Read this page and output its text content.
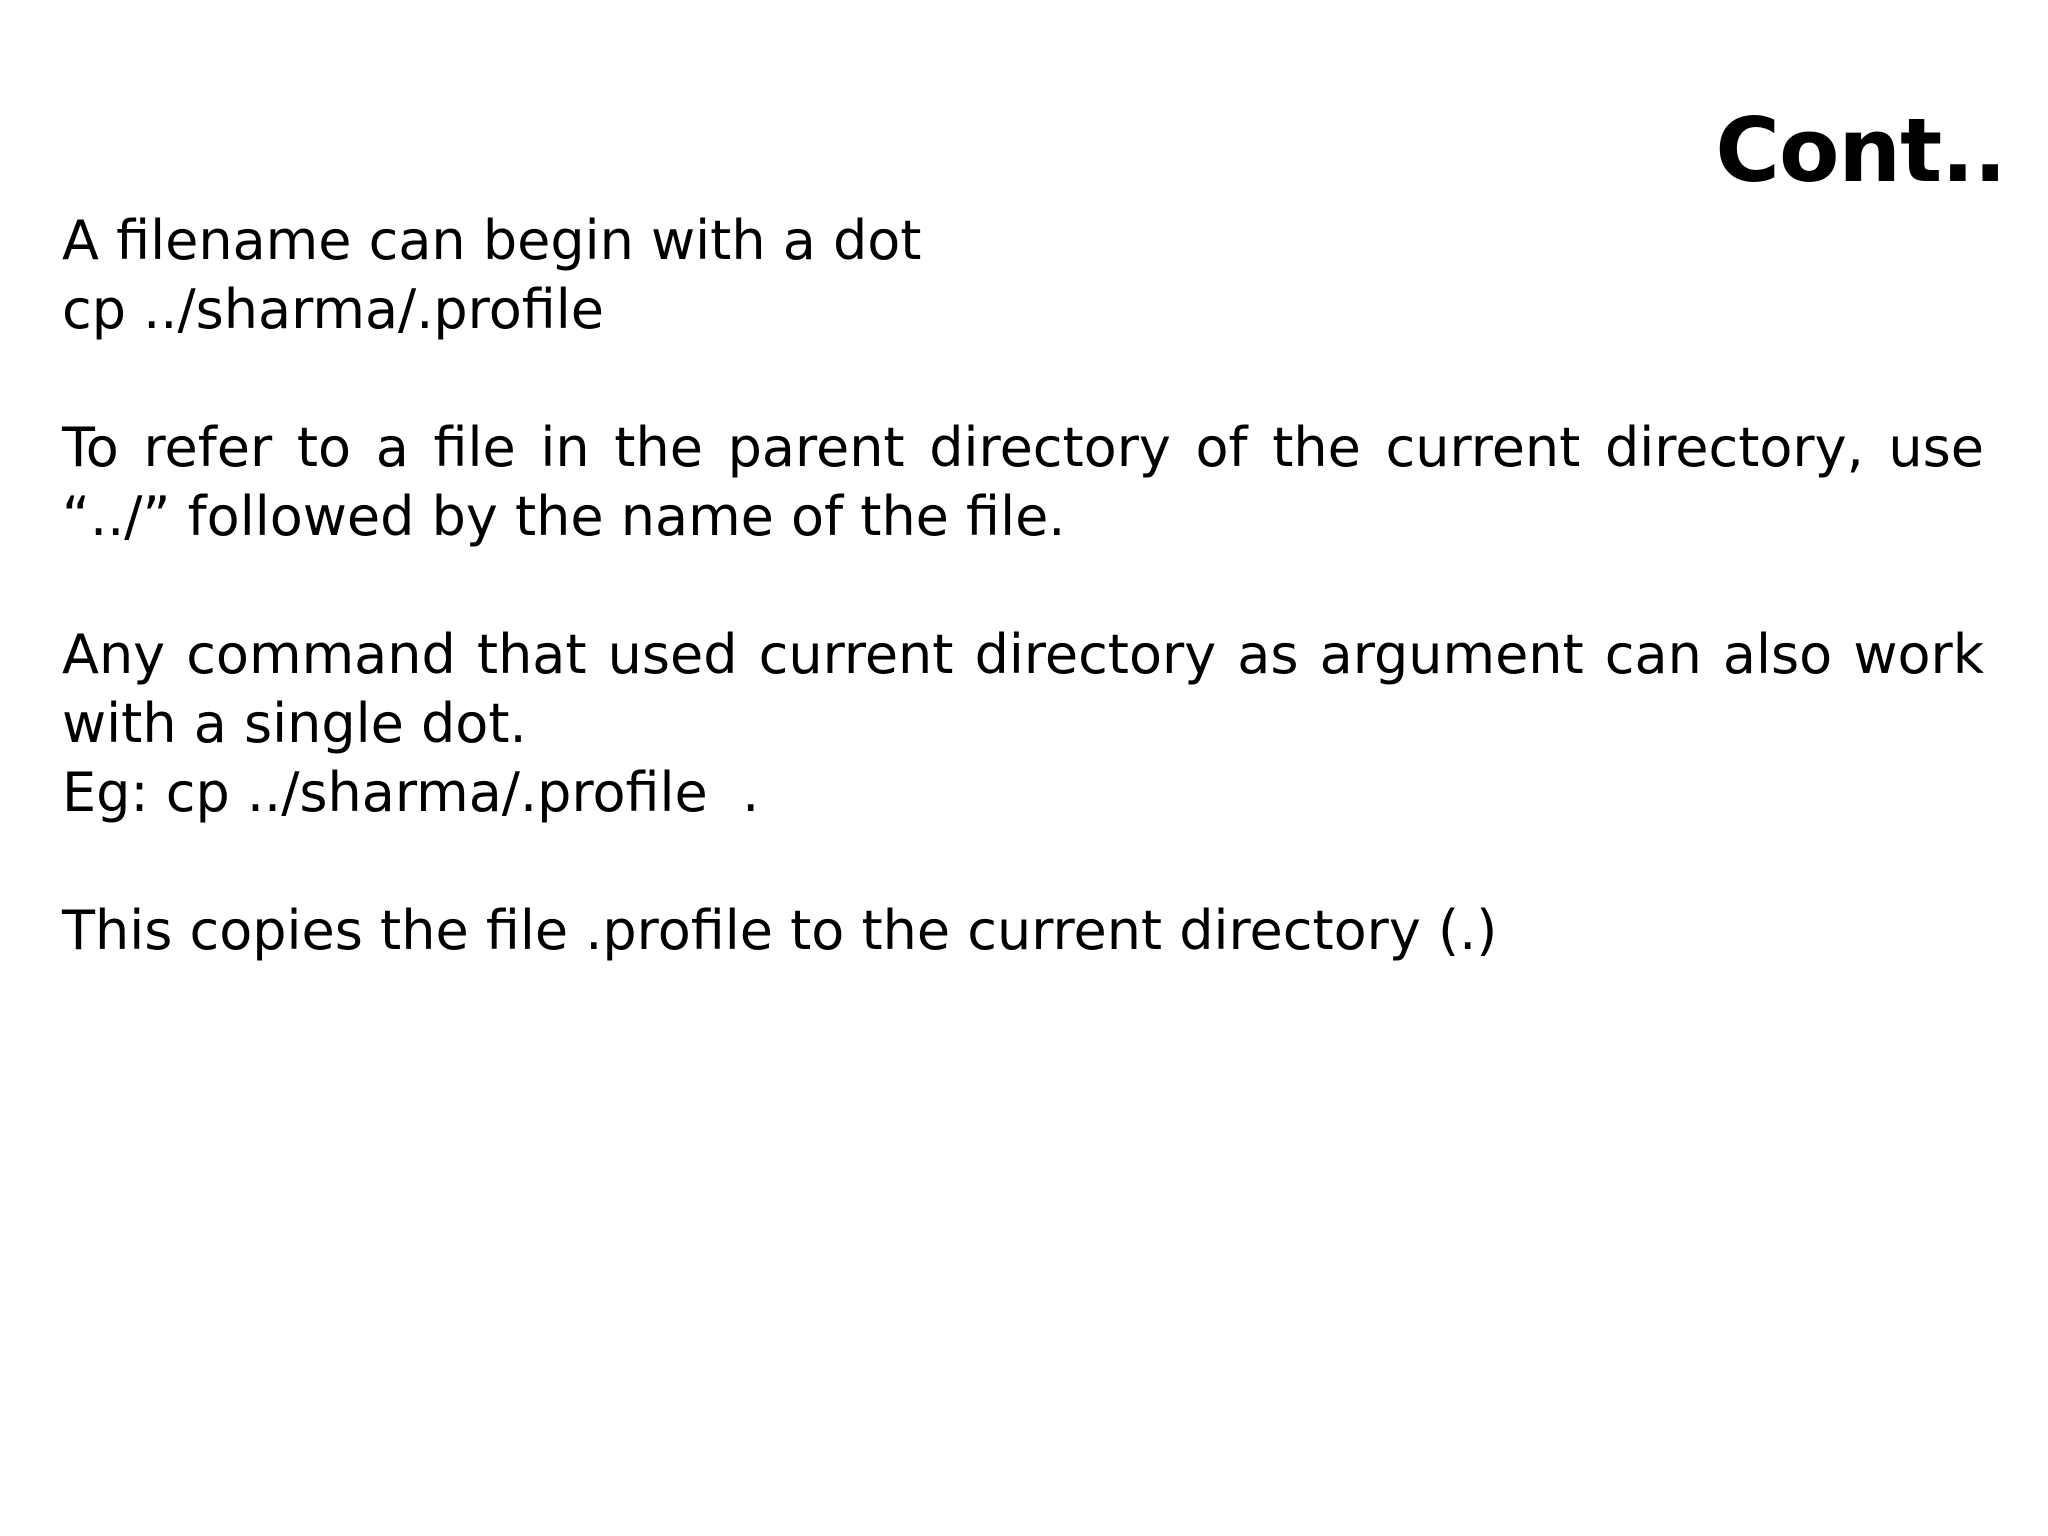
Cont..
A filename can begin with a dot
cp ../sharma/.profile
To refer to a file in the parent directory of the current directory, use “../” followed by the name of the file.
Any command that used current directory as argument can also work with a single dot.
Eg: cp ../sharma/.profile  .
This copies the file .profile to the current directory (.)
